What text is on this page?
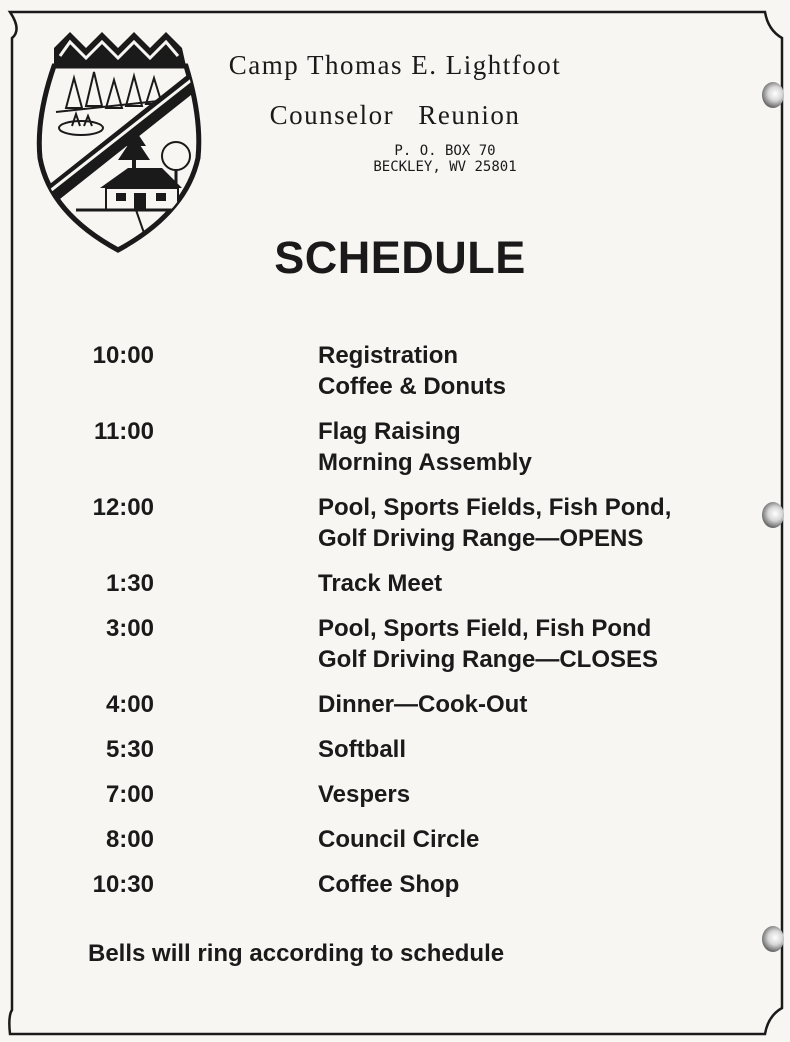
Camp Thomas E. Lightfoot
Counselor Reunion
P. O. BOX 70
BECKLEY, WV 25801
SCHEDULE
10:00	Registration
Coffee & Donuts
11:00	Flag Raising
Morning Assembly
12:00	Pool, Sports Fields, Fish Pond,
Golf Driving Range—OPENS
1:30	Track Meet
3:00	Pool, Sports Field, Fish Pond
Golf Driving Range—CLOSES
4:00	Dinner—Cook-Out
5:30	Softball
7:00	Vespers
8:00	Council Circle
10:30	Coffee Shop
Bells will ring according to schedule
